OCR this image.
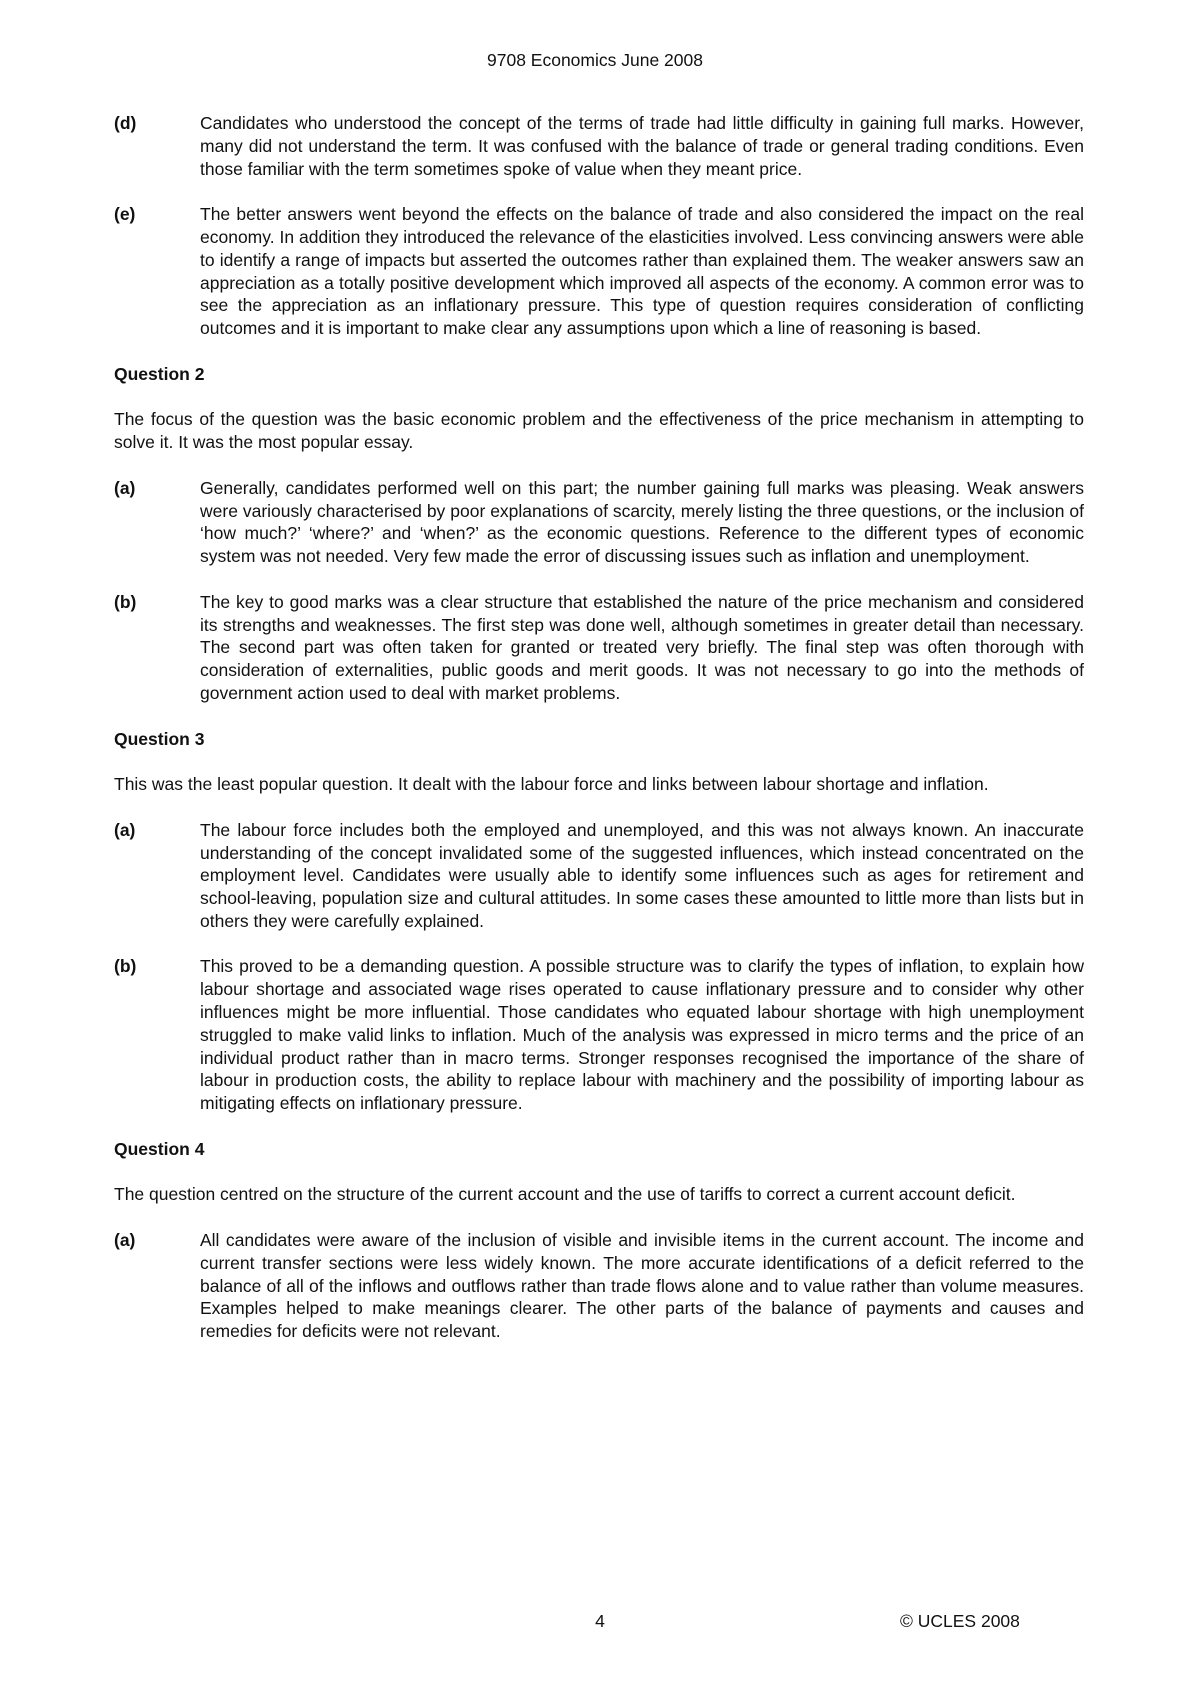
9708 Economics June 2008
(d)	Candidates who understood the concept of the terms of trade had little difficulty in gaining full marks. However, many did not understand the term. It was confused with the balance of trade or general trading conditions. Even those familiar with the term sometimes spoke of value when they meant price.
(e)	The better answers went beyond the effects on the balance of trade and also considered the impact on the real economy. In addition they introduced the relevance of the elasticities involved. Less convincing answers were able to identify a range of impacts but asserted the outcomes rather than explained them. The weaker answers saw an appreciation as a totally positive development which improved all aspects of the economy. A common error was to see the appreciation as an inflationary pressure. This type of question requires consideration of conflicting outcomes and it is important to make clear any assumptions upon which a line of reasoning is based.
Question 2
The focus of the question was the basic economic problem and the effectiveness of the price mechanism in attempting to solve it. It was the most popular essay.
(a)	Generally, candidates performed well on this part; the number gaining full marks was pleasing. Weak answers were variously characterised by poor explanations of scarcity, merely listing the three questions, or the inclusion of ‘how much?’ ‘where?’ and ‘when?’ as the economic questions. Reference to the different types of economic system was not needed. Very few made the error of discussing issues such as inflation and unemployment.
(b)	The key to good marks was a clear structure that established the nature of the price mechanism and considered its strengths and weaknesses. The first step was done well, although sometimes in greater detail than necessary. The second part was often taken for granted or treated very briefly. The final step was often thorough with consideration of externalities, public goods and merit goods. It was not necessary to go into the methods of government action used to deal with market problems.
Question 3
This was the least popular question. It dealt with the labour force and links between labour shortage and inflation.
(a)	The labour force includes both the employed and unemployed, and this was not always known. An inaccurate understanding of the concept invalidated some of the suggested influences, which instead concentrated on the employment level. Candidates were usually able to identify some influences such as ages for retirement and school-leaving, population size and cultural attitudes. In some cases these amounted to little more than lists but in others they were carefully explained.
(b)	This proved to be a demanding question. A possible structure was to clarify the types of inflation, to explain how labour shortage and associated wage rises operated to cause inflationary pressure and to consider why other influences might be more influential. Those candidates who equated labour shortage with high unemployment struggled to make valid links to inflation. Much of the analysis was expressed in micro terms and the price of an individual product rather than in macro terms. Stronger responses recognised the importance of the share of labour in production costs, the ability to replace labour with machinery and the possibility of importing labour as mitigating effects on inflationary pressure.
Question 4
The question centred on the structure of the current account and the use of tariffs to correct a current account deficit.
(a)	All candidates were aware of the inclusion of visible and invisible items in the current account. The income and current transfer sections were less widely known. The more accurate identifications of a deficit referred to the balance of all of the inflows and outflows rather than trade flows alone and to value rather than volume measures. Examples helped to make meanings clearer. The other parts of the balance of payments and causes and remedies for deficits were not relevant.
4	© UCLES 2008
